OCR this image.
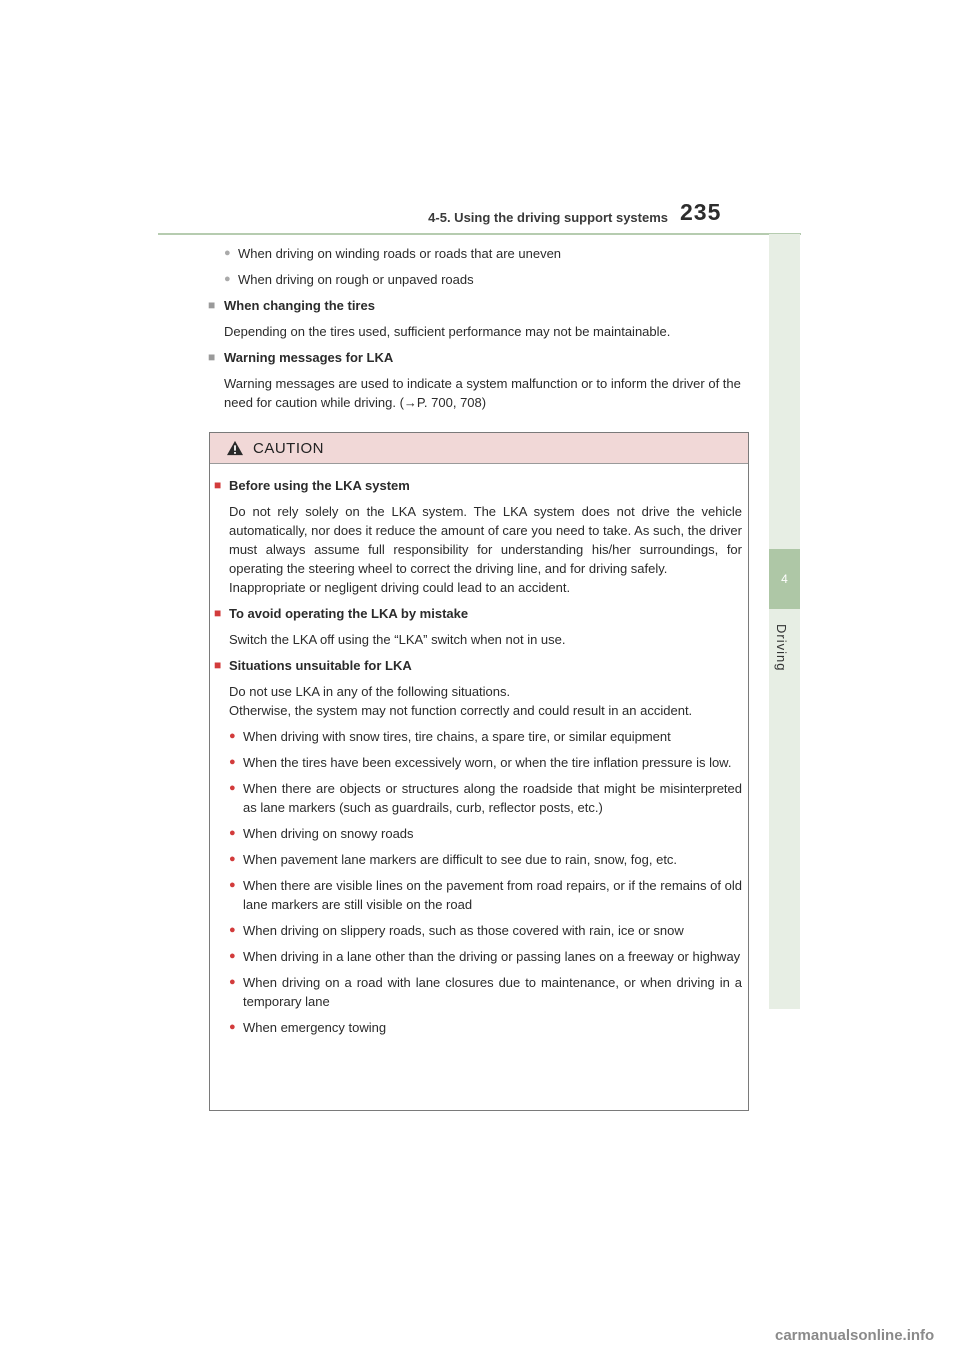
4-5. Using the driving support systems 235
4
Driving
● When driving on winding roads or roads that are uneven
● When driving on rough or unpaved roads
■ When changing the tires
Depending on the tires used, sufficient performance may not be maintainable.
■ Warning messages for LKA
Warning messages are used to indicate a system malfunction or to inform the driver of the need for caution while driving. (→P. 700, 708)
CAUTION
■ Before using the LKA system
Do not rely solely on the LKA system. The LKA system does not drive the vehicle automatically, nor does it reduce the amount of care you need to take. As such, the driver must always assume full responsibility for understanding his/her surroundings, for operating the steering wheel to correct the driving line, and for driving safely.
Inappropriate or negligent driving could lead to an accident.
■ To avoid operating the LKA by mistake
Switch the LKA off using the “LKA” switch when not in use.
■ Situations unsuitable for LKA
Do not use LKA in any of the following situations.
Otherwise, the system may not function correctly and could result in an accident.
● When driving with snow tires, tire chains, a spare tire, or similar equipment
● When the tires have been excessively worn, or when the tire inflation pressure is low.
● When there are objects or structures along the roadside that might be misinterpreted as lane markers (such as guardrails, curb, reflector posts, etc.)
● When driving on snowy roads
● When pavement lane markers are difficult to see due to rain, snow, fog, etc.
● When there are visible lines on the pavement from road repairs, or if the remains of old lane markers are still visible on the road
● When driving on slippery roads, such as those covered with rain, ice or snow
● When driving in a lane other than the driving or passing lanes on a freeway or highway
● When driving on a road with lane closures due to maintenance, or when driving in a temporary lane
● When emergency towing
carmanualsonline.info
